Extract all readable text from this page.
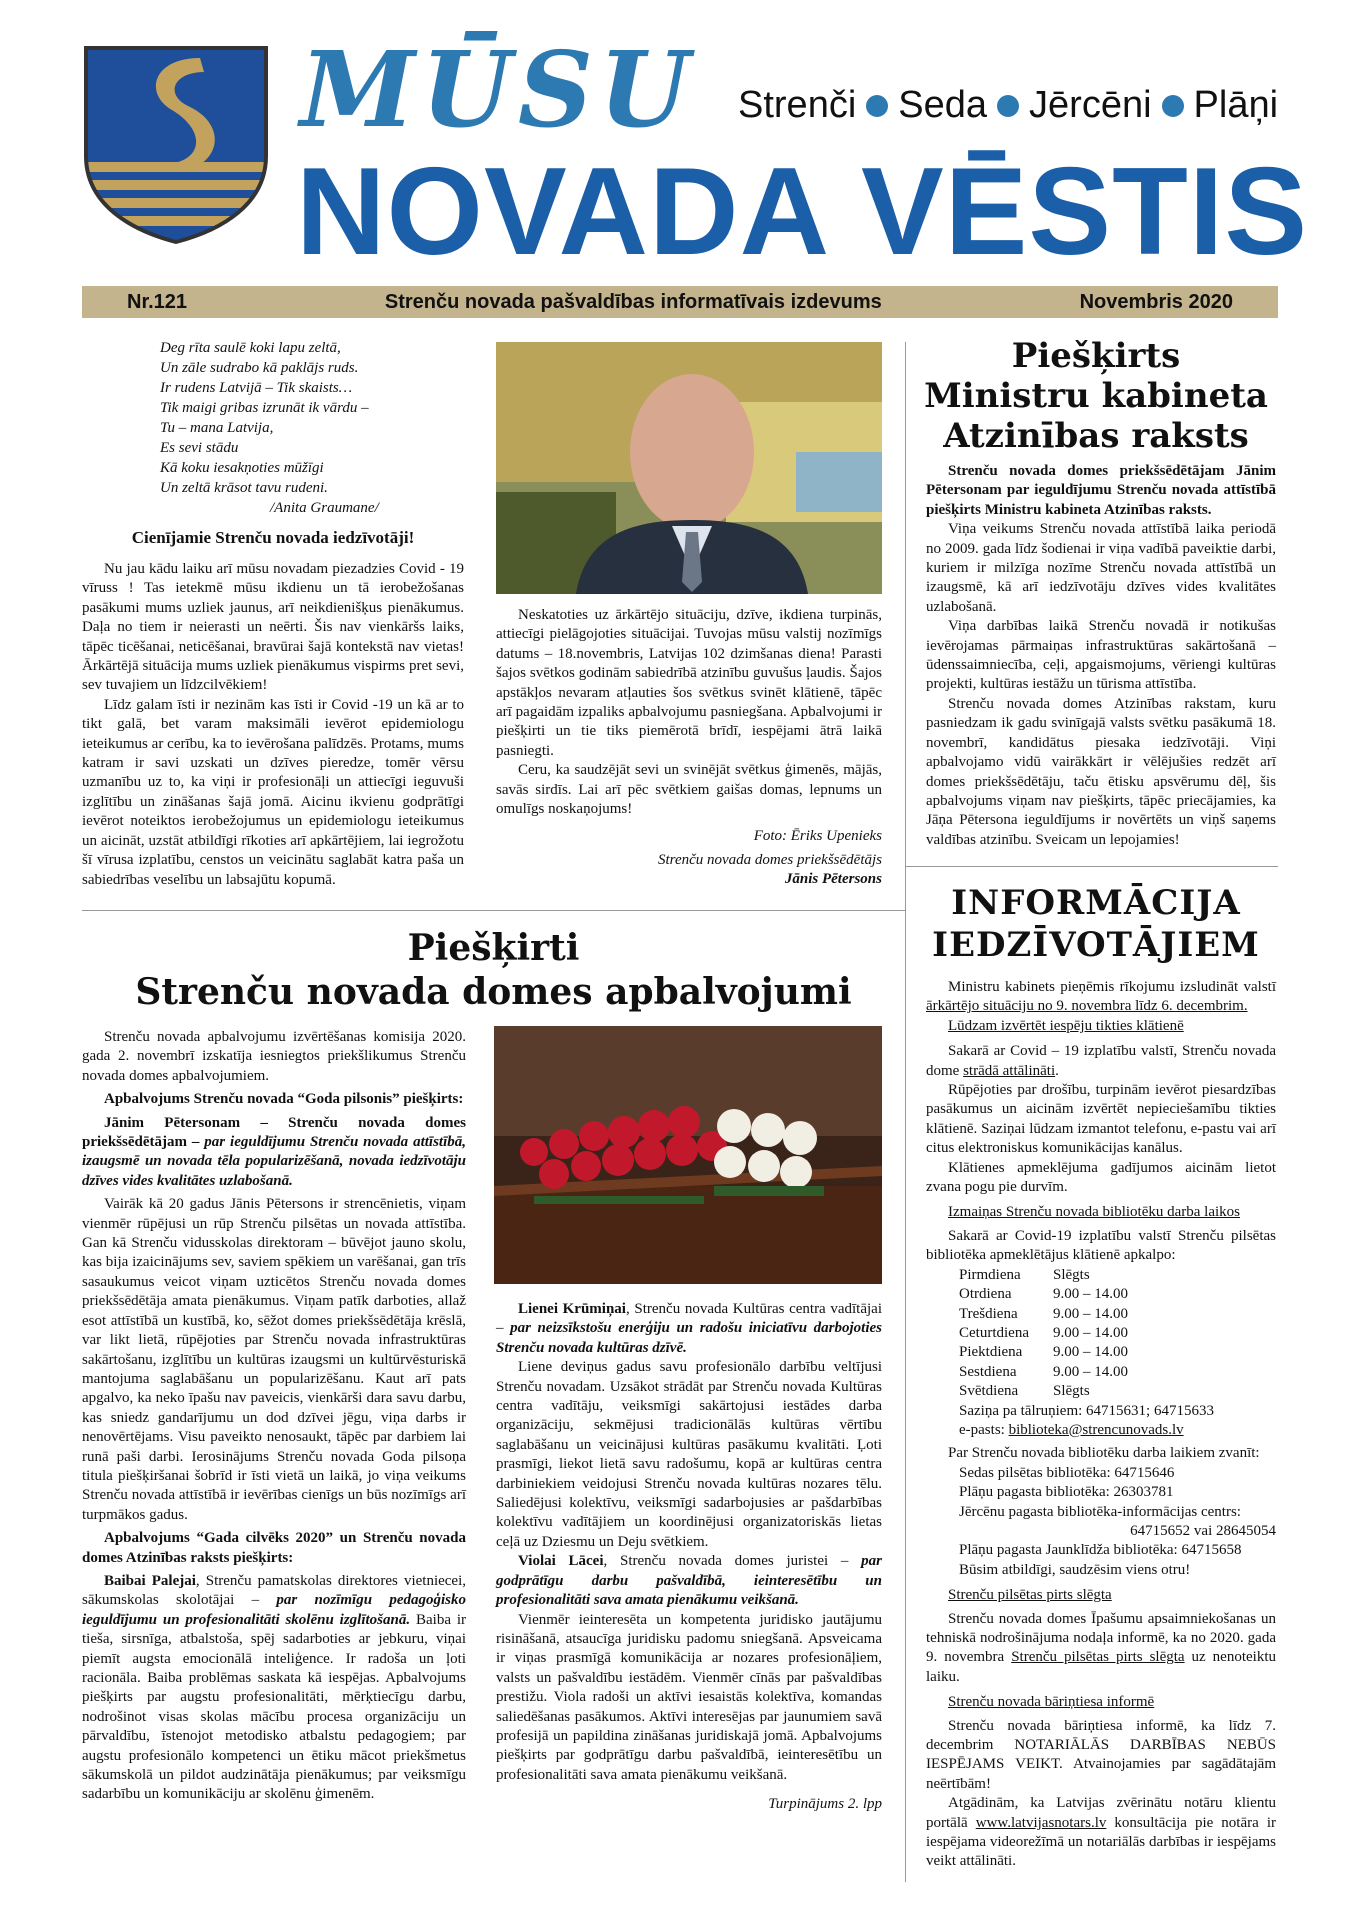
MŪSU Strenči Seda Jērcēni Plāņi
NOVADA VĒSTIS
Nr.121	Strenču novada pašvaldības informatīvais izdevums	Novembris 2020
Deg rīta saulē koki lapu zeltā,
Un zāle sudrabo kā paklājs ruds.
Ir rudens Latvijā – Tik skaists…
Tik maigi gribas izrunāt ik vārdu –
Tu – mana Latvija,
Es sevi stādu
Kā koku iesakņoties mūžīgi
Un zeltā krāsot tavu rudeni.
/Anita Graumane/
Cienījamie Strenču novada iedzīvotāji!

Nu jau kādu laiku arī mūsu novadam piezadzies Covid - 19 vīruss ! Tas ietekmē mūsu ikdienu un tā ierobežošanas pasākumi mums uzliek jaunus, arī neikdienišķus pienākumus. Daļa no tiem ir neierasti un neērti. Šis nav vienkāršs laiks, tāpēc ticēšanai, neticēšanai, bravūrai šajā kontekstā nav vietas! Ārkārtējā situācija mums uzliek pienākumus vispirms pret sevi, sev tuvajiem un līdzcilvēkiem!

Līdz galam īsti ir nezinām kas īsti ir Covid -19 un kā ar to tikt galā, bet varam maksimāli ievērot epidemiologu ieteikumus ar cerību, ka to ievērošana palīdzēs. Protams, mums katram ir savi uzskati un dzīves pieredze, tomēr vērsu uzmanību uz to, ka viņi ir profesionāļi un attiecīgi ieguvuši izglītību un zināšanas šajā jomā. Aicinu ikvienu godprātīgi ievērot noteiktos ierobežojumus un epidemiologu ieteikumus un aicināt, uzstāt atbildīgi rīkoties arī apkārtējiem, lai iegrožotu šī vīrusa izplatību, censtos un veicinātu saglabāt katra paša un sabiedrības veselību un labsajūtu kopumā.

Neskatoties uz ārkārtējo situāciju, dzīve, ikdiena turpinās, attiecīgi pielāgojoties situācijai. Tuvojas mūsu valstij nozīmīgs datums – 18.novembris, Latvijas 102 dzimšanas diena! Parasti šajos svētkos godinām sabiedrībā atzinību guvušus ļaudis. Šajos apstākļos nevaram atļauties šos svētkus svinēt klātienē, tāpēc arī pagaidām izpaliks apbalvojumu pasniegšana. Apbalvojumi ir piešķirti un tie tiks piemērotā brīdī, iespējami ātrā laikā pasniegti.

Ceru, ka saudzējāt sevi un svinējāt svētkus ģimenēs, mājās, savās sirdīs. Lai arī pēc svētkiem gaišas domas, lepnums un omulīgs noskaņojums!

Foto: Ēriks Upenieks
Strenču novada domes priekšsēdētājs
Jānis Pētersons
Piešķirts
Ministru kabineta
Atzinības raksts

Strenču novada domes priekšsēdētājam Jānim Pētersonam par ieguldījumu Strenču novada attīstībā piešķirts Ministru kabineta Atzinības raksts.

Viņa veikums Strenču novada attīstībā laika periodā no 2009. gada līdz šodienai ir viņa vadībā paveiktie darbi, kuriem ir milzīga nozīme Strenču novada attīstībā un izaugsmē, kā arī iedzīvotāju dzīves vides kvalitātes uzlabošanā.

Viņa darbības laikā Strenču novadā ir notikušas ievērojamas pārmaiņas infrastruktūras sakārtošanā – ūdenssaimniecība, ceļi, apgaismojums, vēriengi kultūras projekti, kultūras iestāžu un tūrisma attīstība.

Strenču novada domes Atzinības rakstam, kuru pasniedzam ik gadu svinīgajā valsts svētku pasākumā 18. novembrī, kandidātus piesaka iedzīvotāji. Viņi apbalvojamo vidū vairākkārt ir vēlējušies redzēt arī domes priekšsēdētāju, taču ētisku apsvērumu dēļ, šis apbalvojums viņam nav piešķirts, tāpēc priecājamies, ka Jāņa Pētersona ieguldījums ir novērtēts un viņš saņems valdības atzinību. Sveicam un lepojamies!

INFORMĀCIJA
IEDZĪVOTĀJIEM

Ministru kabinets pieņēmis rīkojumu izsludināt valstī ārkārtējo situāciju no 9. novembra līdz 6. decembrim.

Lūdzam izvērtēt iespēju tikties klātienē

Sakarā ar Covid – 19 izplatību valstī, Strenču novada dome strādā attālināti.

Rūpējoties par drošību, turpinām ievērot piesardzības pasākumus un aicinām izvērtēt nepieciešamību tikties klātienē. Saziņai lūdzam izmantot telefonu, e-pastu vai arī citus elektroniskus komunikācijas kanālus.

Klātienes apmeklējuma gadījumos aicinām lietot zvana pogu pie durvīm.

Izmaiņas Strenču novada bibliotēku darba laikos

Sakarā ar Covid-19 izplatību valstī Strenču pilsētas bibliotēka apmeklētājus klātienē apkalpo:

Pirmdiena	Slēgts
Otrdiena	9.00 – 14.00
Trešdiena	9.00 – 14.00
Ceturtdiena	9.00 – 14.00
Piektdiena	9.00 – 14.00
Sestdiena	9.00 – 14.00
Svētdiena	Slēgts

Saziņa pa tālruņiem: 64715631; 64715633

e-pasts: biblioteka@strencunovads.lv

Par Strenču novada bibliotēku darba laikiem zvanīt:

Sedas pilsētas bibliotēka: 64715646

Plāņu pagasta bibliotēka: 26303781

Jērcēnu pagasta bibliotēka-informācijas centrs:

64715652 vai 28645054

Plāņu pagasta Jaunklīdža bibliotēka: 64715658

Būsim atbildīgi, saudzēsim viens otru!

Strenču pilsētas pirts slēgta

Strenču novada domes Īpašumu apsaimniekošanas un tehniskā nodrošinājuma nodaļa informē, ka no 2020. gada 9. novembra Strenču pilsētas pirts slēgta uz nenoteiktu laiku.

Strenču novada bāriņtiesa informē

Strenču novada bāriņtiesa informē, ka līdz 7. decembrim NOTARIĀLĀS DARBĪBAS NEBŪS IESPĒJAMS VEIKT. Atvainojamies par sagādātajām neērtībām!

Atgādinām, ka Latvijas zvērinātu notāru klientu portālā www.latvijasnotars.lv konsultācija pie notāra ir iespējama videorežīmā un notariālās darbības ir iespējams veikt attālināti.

Piešķirti
Strenču novada domes apbalvojumi

Strenču novada apbalvojumu izvērtēšanas komisija 2020. gada 2. novembrī izskatīja iesniegtos priekšlikumus Strenču novada domes apbalvojumiem.

Apbalvojums Strenču novada “Goda pilsonis” piešķirts:

Jānim Pētersonam – Strenču novada domes priekšsēdētājam – par ieguldījumu Strenču novada attīstībā, izaugsmē un novada tēla popularizēšanā, novada iedzīvotāju dzīves vides kvalitātes uzlabošanā.

Vairāk kā 20 gadus Jānis Pētersons ir strencēnietis, viņam vienmēr rūpējusi un rūp Strenču pilsētas un novada attīstība. Gan kā Strenču vidusskolas direktoram – būvējot jauno skolu, kas bija izaicinājums sev, saviem spēkiem un varēšanai, gan trīs sasaukumus veicot viņam uzticētos Strenču novada domes priekšsēdētāja amata pienākumus. Viņam patīk darboties, allaž esot attīstībā un kustībā, ko, sēžot domes priekšsēdētāja krēslā, var likt lietā, rūpējoties par Strenču novada infrastruktūras sakārtošanu, izglītību un kultūras izaugsmi un kultūrvēsturiskā mantojuma saglabāšanu un popularizēšanu. Kaut arī pats apgalvo, ka neko īpašu nav paveicis, vienkārši dara savu darbu, kas sniedz gandarījumu un dod dzīvei jēgu, viņa darbs ir nenovērtējams. Visu paveikto nenosaukt, tāpēc par darbiem lai runā paši darbi. Ierosinājums Strenču novada Goda pilsoņa titula piešķiršanai šobrīd ir īsti vietā un laikā, jo viņa veikums Strenču novada attīstībā ir ievērības cienīgs un būs nozīmīgs arī turpmākos gadus.

Apbalvojums “Gada cilvēks 2020” un Strenču novada domes Atzinības raksts piešķirts:

Baibai Palejai, Strenču pamatskolas direktores vietniecei, sākumskolas skolotājai – par nozīmīgu pedagoģisko ieguldījumu un profesionalitāti skolēnu izglītošanā. Baiba ir tieša, sirsnīga, atbalstoša, spēj sadarboties ar jebkuru, viņai piemīt augsta emocionālā inteliģence. Ir radoša un ļoti racionāla. Baiba problēmas saskata kā iespējas. Apbalvojums piešķirts par augstu profesionalitāti, mērķtiecīgu darbu, nodrošinot visas skolas mācību procesa organizāciju un pārvaldību, īstenojot metodisko atbalstu pedagogiem; par augstu profesionālo kompetenci un ētiku mācot priekšmetus sākumskolā un pildot audzinātāja pienākumus; par veiksmīgu sadarbību un komunikāciju ar skolēnu ģimenēm.

Lienei Krūmiņai, Strenču novada Kultūras centra vadītājai – par neizsīkstošu enerģiju un radošu iniciatīvu darbojoties Strenču novada kultūras dzīvē.

Liene deviņus gadus savu profesionālo darbību veltījusi Strenču novadam. Uzsākot strādāt par Strenču novada Kultūras centra vadītāju, veiksmīgi sakārtojusi iestādes darba organizāciju, sekmējusi tradicionālās kultūras vērtību saglabāšanu un veicinājusi kultūras pasākumu kvalitāti. Ļoti prasmīgi, liekot lietā savu radošumu, kopā ar kultūras centra darbiniekiem veidojusi Strenču novada kultūras nozares tēlu. Saliedējusi kolektīvu, veiksmīgi sadarbojusies ar pašdarbības kolektīvu vadītājiem un koordinējusi organizatoriskās lietas ceļā uz Dziesmu un Deju svētkiem.

Violai Lācei, Strenču novada domes juristei – par godprātīgu darbu pašvaldībā, ieinteresētību un profesionalitāti sava amata pienākumu veikšanā.

Vienmēr ieinteresēta un kompetenta juridisko jautājumu risināšanā, atsaucīga juridisku padomu sniegšanā. Apsveicama ir viņas prasmīgā komunikācija ar nozares profesionāļiem, valsts un pašvaldību iestādēm. Vienmēr cīnās par pašvaldības prestižu. Viola radoši un aktīvi iesaistās kolektīva, komandas saliedēšanas pasākumos. Aktīvi interesējas par jaunumiem savā profesijā un papildina zināšanas juridiskajā jomā. Apbalvojums piešķirts par godprātīgu darbu pašvaldībā, ieinteresētību un profesionalitāti sava amata pienākumu veikšanā.

Turpinājums 2. lpp
